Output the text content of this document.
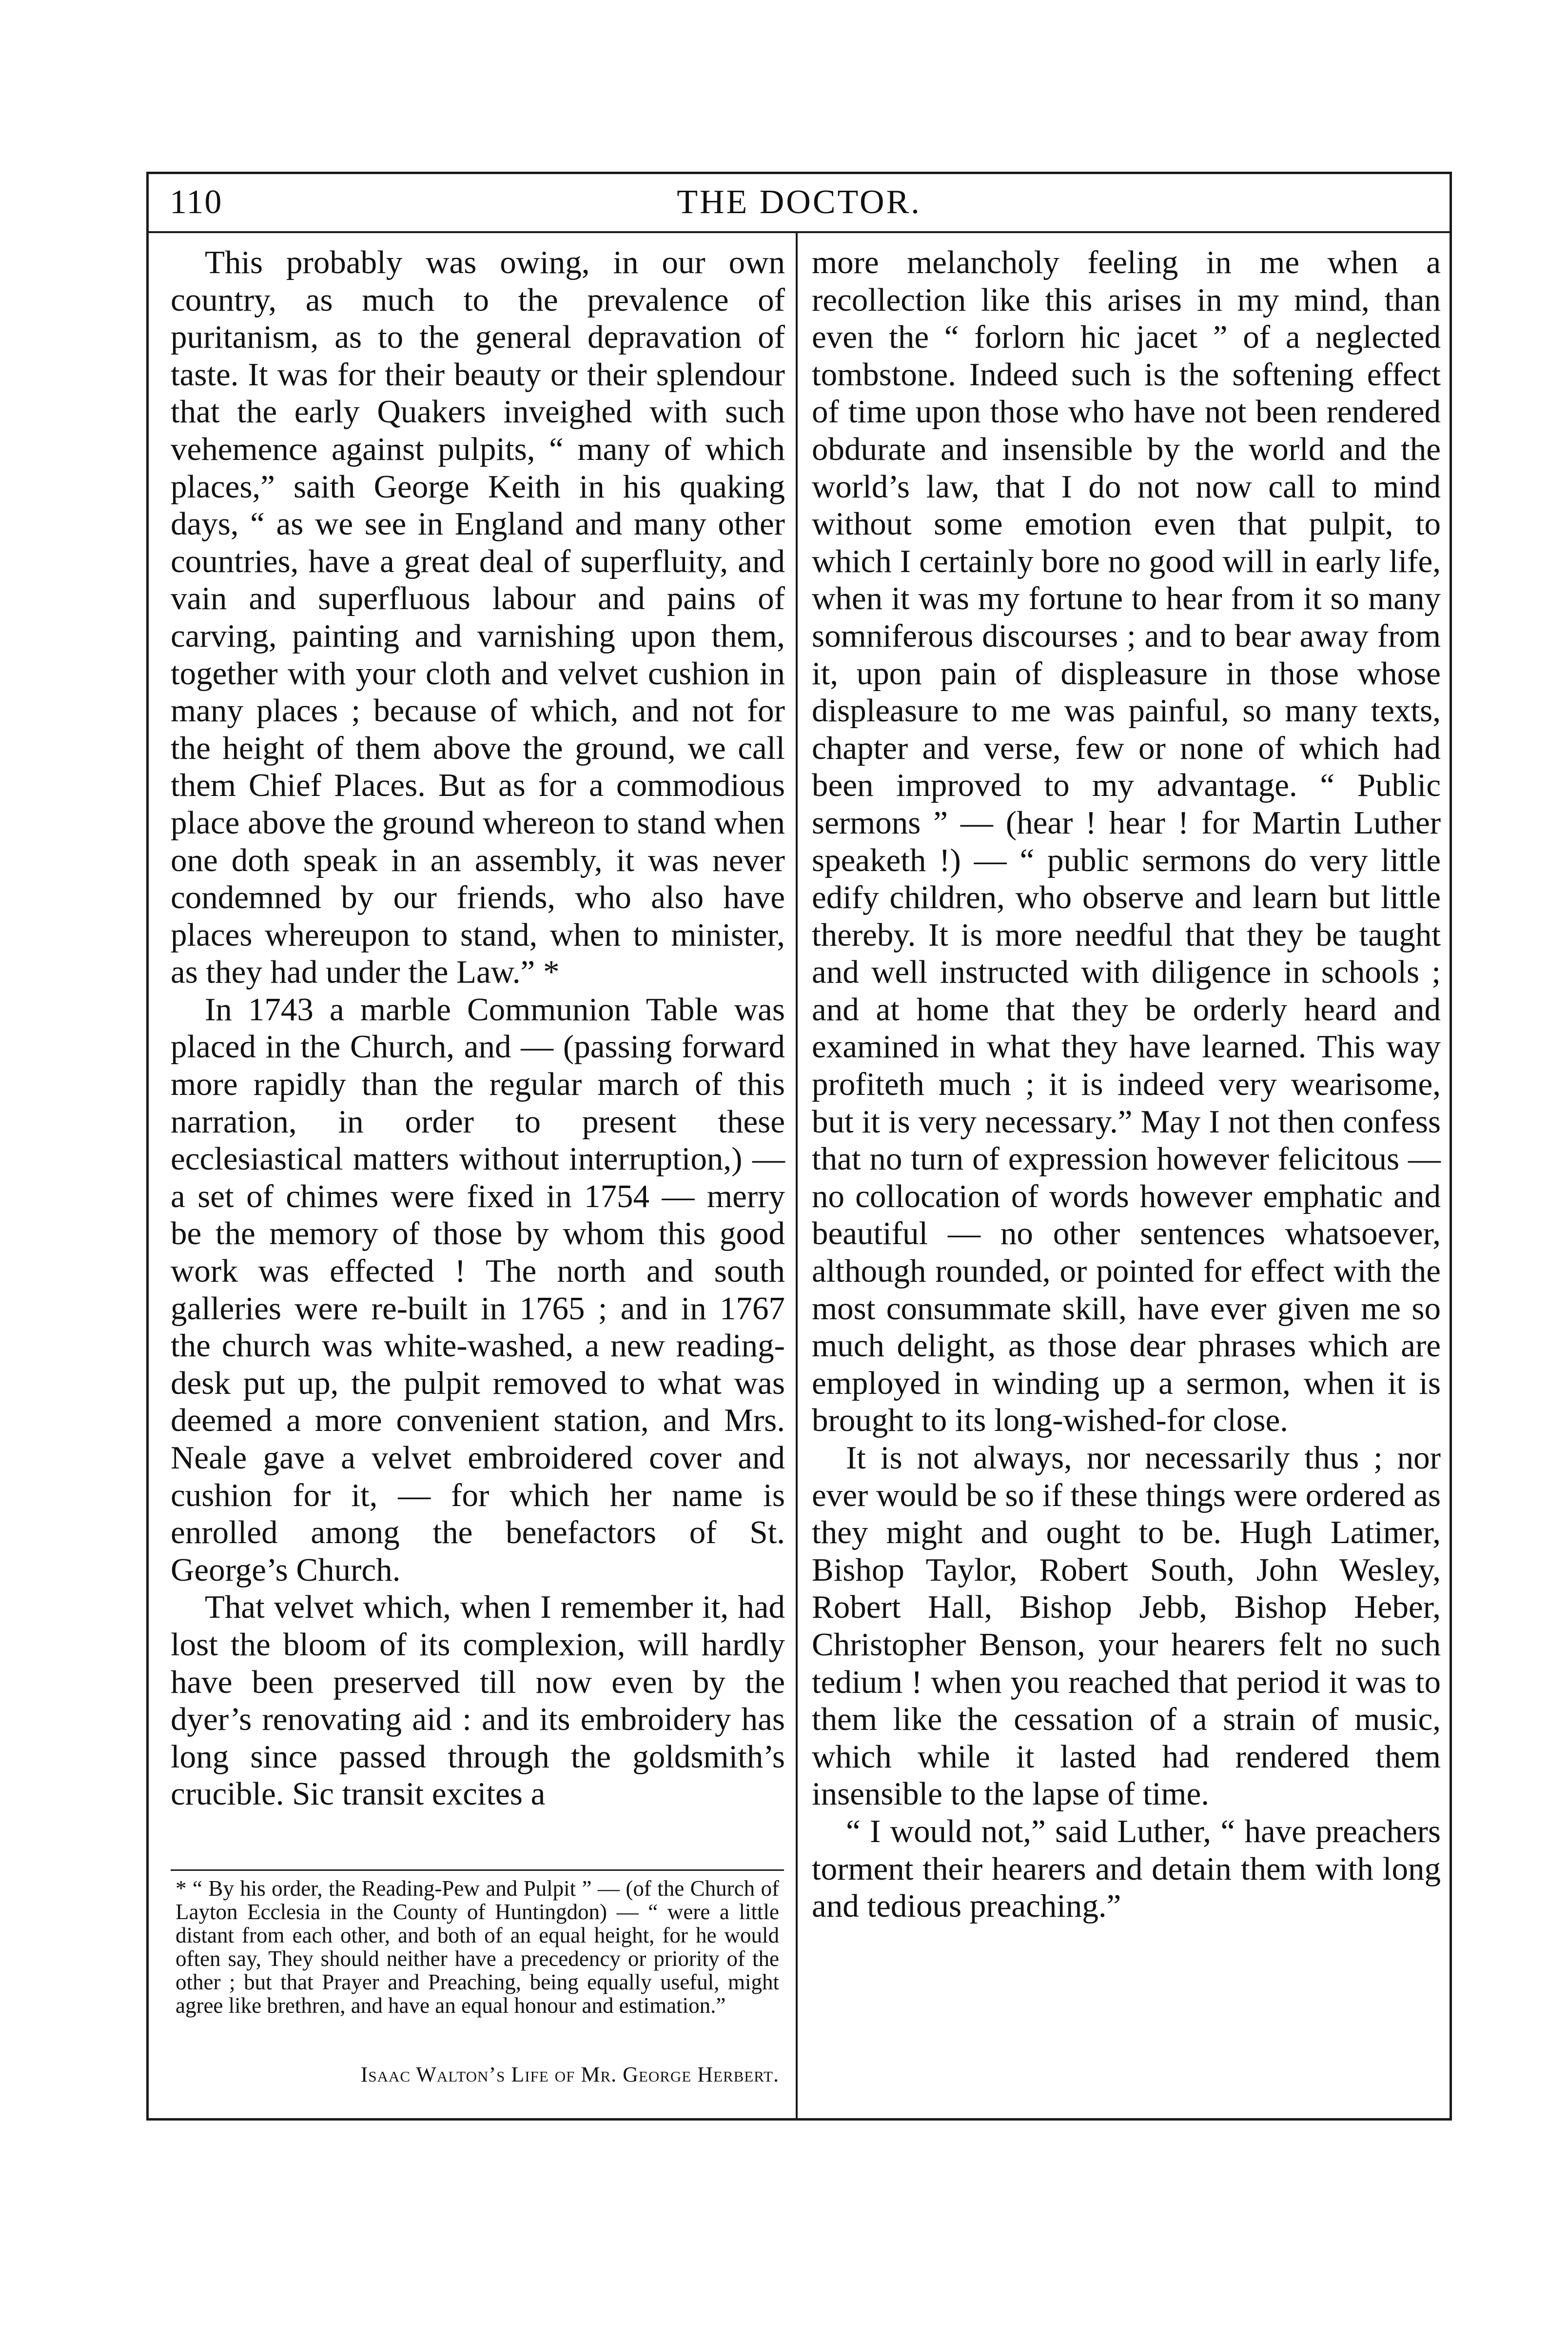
110	THE DOCTOR.

This probably was owing, in our own country, as much to the prevalence of puritanism, as to the general depravation of taste. It was for their beauty or their splendour that the early Quakers inveighed with such vehemence against pulpits, “ many of which places,” saith George Keith in his quaking days, “ as we see in England and many other countries, have a great deal of superfluity, and vain and superfluous labour and pains of carving, painting and varnishing upon them, together with your cloth and velvet cushion in many places ; because of which, and not for the height of them above the ground, we call them Chief Places. But as for a commodious place above the ground whereon to stand when one doth speak in an assembly, it was never condemned by our friends, who also have places whereupon to stand, when to minister, as they had under the Law.” *

In 1743 a marble Communion Table was placed in the Church, and — (passing forward more rapidly than the regular march of this narration, in order to present these ecclesiastical matters without interruption,) — a set of chimes were fixed in 1754 — merry be the memory of those by whom this good work was effected ! The north and south galleries were re-built in 1765 ; and in 1767 the church was white-washed, a new reading-desk put up, the pulpit removed to what was deemed a more convenient station, and Mrs. Neale gave a velvet embroidered cover and cushion for it, — for which her name is enrolled among the benefactors of St. George’s Church.

That velvet which, when I remember it, had lost the bloom of its complexion, will hardly have been preserved till now even by the dyer’s renovating aid : and its embroidery has long since passed through the goldsmith’s crucible. Sic transit excites a

more melancholy feeling in me when a recollection like this arises in my mind, than even the “ forlorn hic jacet ” of a neglected tombstone. Indeed such is the softening effect of time upon those who have not been rendered obdurate and insensible by the world and the world’s law, that I do not now call to mind without some emotion even that pulpit, to which I certainly bore no good will in early life, when it was my fortune to hear from it so many somniferous discourses ; and to bear away from it, upon pain of displeasure in those whose displeasure to me was painful, so many texts, chapter and verse, few or none of which had been improved to my advantage. “ Public sermons ” — (hear ! hear ! for Martin Luther speaketh !) — “ public sermons do very little edify children, who observe and learn but little thereby. It is more needful that they be taught and well instructed with diligence in schools ; and at home that they be orderly heard and examined in what they have learned. This way profiteth much ; it is indeed very wearisome, but it is very necessary.” May I not then confess that no turn of expression however felicitous — no collocation of words however emphatic and beautiful — no other sentences whatsoever, although rounded, or pointed for effect with the most consummate skill, have ever given me so much delight, as those dear phrases which are employed in winding up a sermon, when it is brought to its long-wished-for close.

It is not always, nor necessarily thus ; nor ever would be so if these things were ordered as they might and ought to be. Hugh Latimer, Bishop Taylor, Robert South, John Wesley, Robert Hall, Bishop Jebb, Bishop Heber, Christopher Benson, your hearers felt no such tedium ! when you reached that period it was to them like the cessation of a strain of music, which while it lasted had rendered them insensible to the lapse of time.

“ I would not,” said Luther, “ have preachers torment their hearers and detain them with long and tedious preaching.”

* “ By his order, the Reading-Pew and Pulpit ” — (of the Church of Layton Ecclesia in the County of Huntingdon) — “ were a little distant from each other, and both of an equal height, for he would often say, They should neither have a precedency or priority of the other ; but that Prayer and Preaching, being equally useful, might agree like brethren, and have an equal honour and estimation.”
Isaac Walton’s Life of Mr. George Herbert.
